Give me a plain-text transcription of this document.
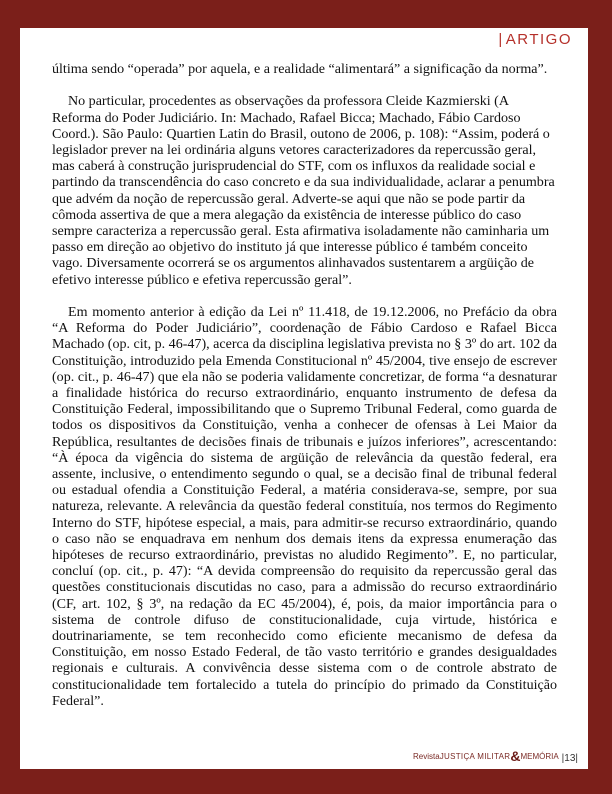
| ARTIGO

última sendo “operada” por aquela, e a realidade “alimentará” a significação da norma”.

No particular, procedentes as observações da professora Cleide Kazmierski (A Reforma do Poder Judiciário. In: Machado, Rafael Bicca; Machado, Fábio Cardoso Coord.). São Paulo: Quartien Latin do Brasil, outono de 2006, p. 108): “Assim, poderá o legislador prever na lei ordinária alguns vetores caracterizadores da repercussão geral, mas caberá à construção jurisprudencial do STF, com os influxos da realidade social e partindo da transcendência do caso concreto e da sua individualidade, aclarar a penumbra que advém da noção de repercussão geral. Adverte-se aqui que não se pode partir da cômoda assertiva de que a mera alegação da existência de interesse público do caso sempre caracteriza a repercussão geral. Esta afirmativa isoladamente não caminharia um passo em direção ao objetivo do instituto já que interesse público é também conceito vago. Diversamente ocorrerá se os argumentos alinhavados sustentarem a argüição de efetivo interesse público e efetiva repercussão geral”.

Em momento anterior à edição da Lei nº 11.418, de 19.12.2006, no Prefácio da obra “A Reforma do Poder Judiciário”, coordenação de Fábio Cardoso e Rafael Bicca Machado (op. cit, p. 46-47), acerca da disciplina legislativa prevista no § 3º do art. 102 da Constituição, introduzido pela Emenda Constitucional nº 45/2004, tive ensejo de escrever (op. cit., p. 46-47) que ela não se poderia validamente concretizar, de forma “a desnaturar a finalidade histórica do recurso extraordinário, enquanto instrumento de defesa da Constituição Federal, impossibilitando que o Supremo Tribunal Federal, como guarda de todos os dispositivos da Constituição, venha a conhecer de ofensas à Lei Maior da República, resultantes de decisões finais de tribunais e juízos inferiores”, acrescentando: “À época da vigência do sistema de argüição de relevância da questão federal, era assente, inclusive, o entendimento segundo o qual, se a decisão final de tribunal federal ou estadual ofendia a Constituição Federal, a matéria considerava-se, sempre, por sua natureza, relevante. A relevância da questão federal constituía, nos termos do Regimento Interno do STF, hipótese especial, a mais, para admitir-se recurso extraordinário, quando o caso não se enquadrava em nenhum dos demais itens da expressa enumeração das hipóteses de recurso extraordinário, previstas no aludido Regimento”. E, no particular, concluí (op. cit., p. 47): “A devida compreensão do requisito da repercussão geral das questões constitucionais discutidas no caso, para a admissão do recurso extraordinário (CF, art. 102, § 3º, na redação da EC 45/2004), é, pois, da maior importância para o sistema de controle difuso de constitucionalidade, cuja virtude, histórica e doutrinariamente, se tem reconhecido como eficiente mecanismo de defesa da Constituição, em nosso Estado Federal, de tão vasto território e grandes desigualdades regionais e culturais. A convivência desse sistema com o de controle abstrato de constitucionalidade tem fortalecido a tutela do princípio do primado da Constituição Federal”.

RevistaJUSTIÇA MILITAR&MEMÓRIA |13|
